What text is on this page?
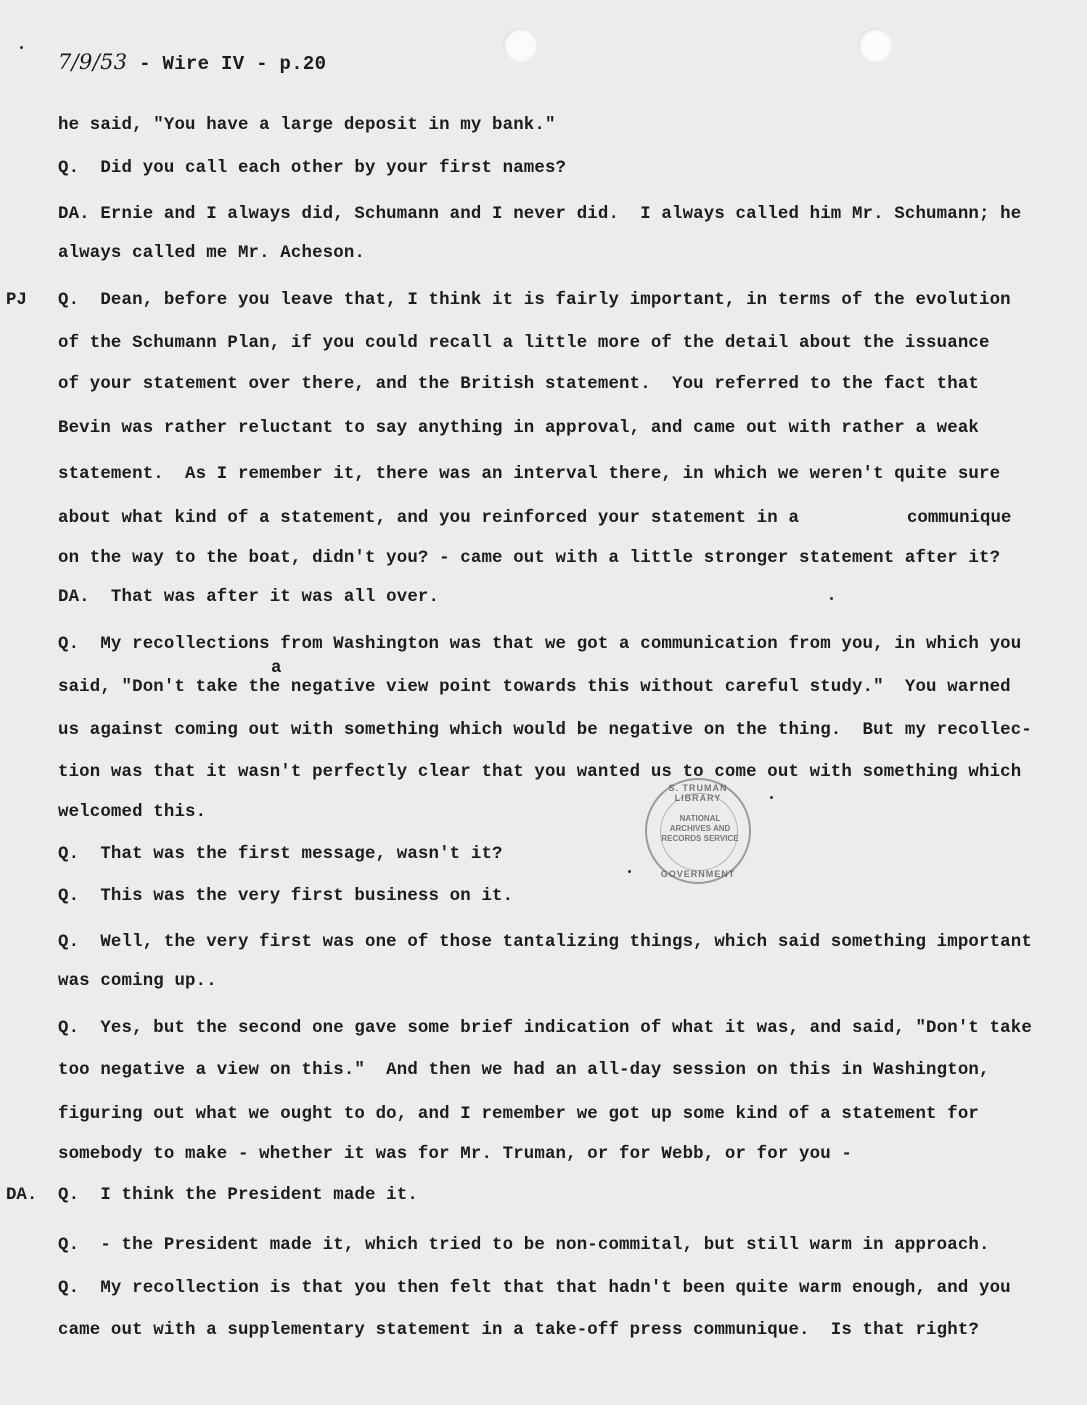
7/9/53 - Wire IV - p.20
PJ
DA.
a
communique
he said, "You have a large deposit in my bank."
Q.  Did you call each other by your first names?
DA. Ernie and I always did, Schumann and I never did.  I always called him Mr. Schumann; he
always called me Mr. Acheson.
Q.  Dean, before you leave that, I think it is fairly important, in terms of the evolution
of the Schumann Plan, if you could recall a little more of the detail about the issuance
of your statement over there, and the British statement.  You referred to the fact that
Bevin was rather reluctant to say anything in approval, and came out with rather a weak
statement.  As I remember it, there was an interval there, in which we weren't quite sure
about what kind of a statement, and you reinforced your statement in a
on the way to the boat, didn't you? - came out with a little stronger statement after it?
DA.  That was after it was all over.
Q.  My recollections from Washington was that we got a communication from you, in which you
said, "Don't take the negative view point towards this without careful study."  You warned
us against coming out with something which would be negative on the thing.  But my recollec-
tion was that it wasn't perfectly clear that you wanted us to come out with something which
welcomed this.
Q.  That was the first message, wasn't it?
Q.  This was the very first business on it.
Q.  Well, the very first was one of those tantalizing things, which said something important
was coming up..
Q.  Yes, but the second one gave some brief indication of what it was, and said, "Don't take
too negative a view on this."  And then we had an all-day session on this in Washington,
figuring out what we ought to do, and I remember we got up some kind of a statement for
somebody to make - whether it was for Mr. Truman, or for Webb, or for you -
Q.  I think the President made it.
Q.  - the President made it, which tried to be non-commital, but still warm in approach.
Q.  My recollection is that you then felt that that hadn't been quite warm enough, and you
came out with a supplementary statement in a take-off press communique.  Is that right?
S. TRUMAN LIBRARY
NATIONAL ARCHIVES AND RECORDS SERVICE
GOVERNMENT
